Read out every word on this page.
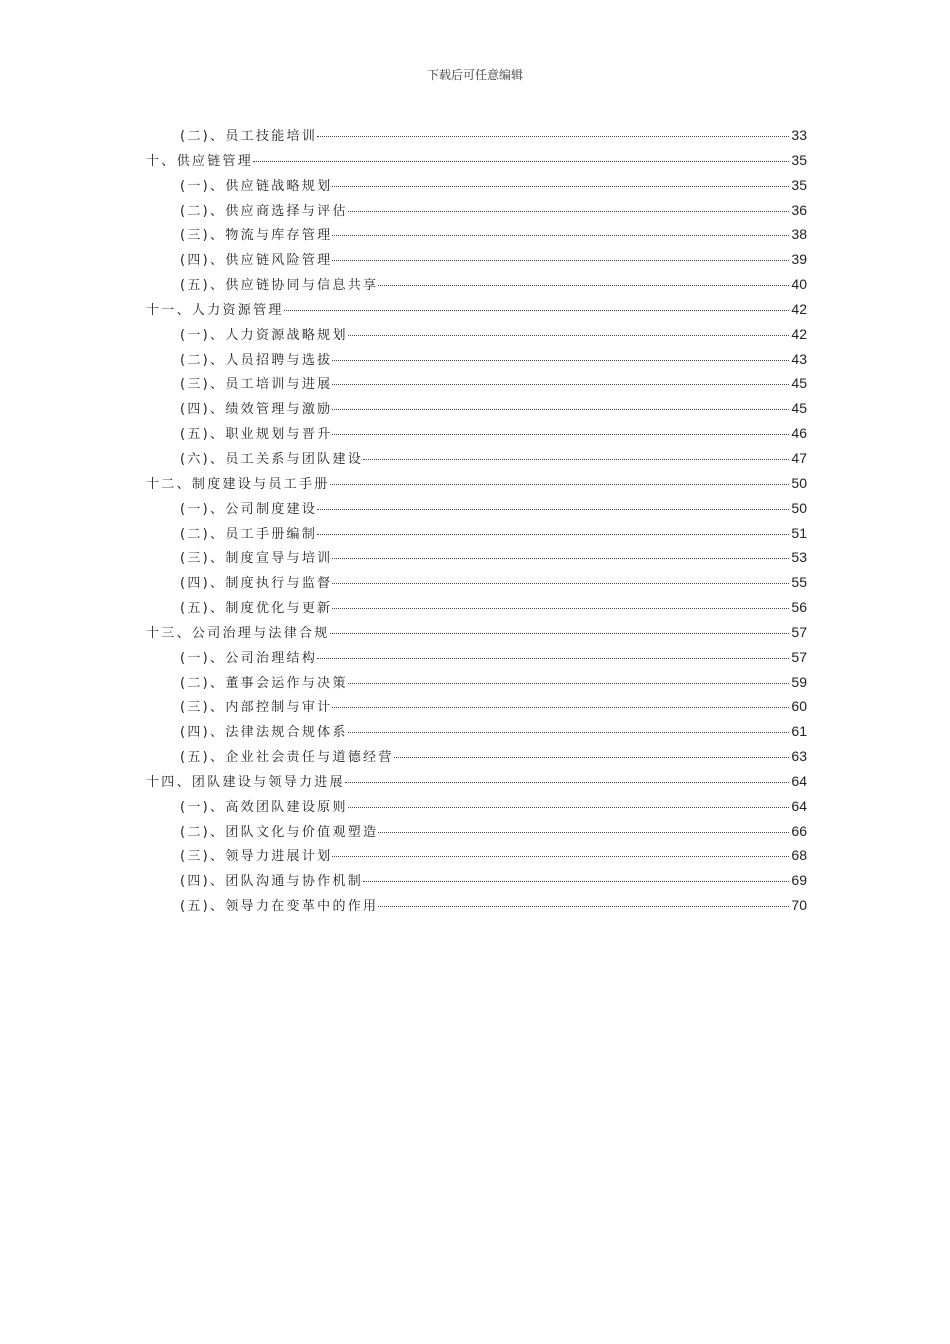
下载后可任意编辑
(二)、员工技能培训	33
十、供应链管理	35
(一)、供应链战略规划	35
(二)、供应商选择与评估	36
(三)、物流与库存管理	38
(四)、供应链风险管理	39
(五)、供应链协同与信息共享	40
十一、人力资源管理	42
(一)、人力资源战略规划	42
(二)、人员招聘与选拔	43
(三)、员工培训与进展	45
(四)、绩效管理与激励	45
(五)、职业规划与晋升	46
(六)、员工关系与团队建设	47
十二、制度建设与员工手册	50
(一)、公司制度建设	50
(二)、员工手册编制	51
(三)、制度宣导与培训	53
(四)、制度执行与监督	55
(五)、制度优化与更新	56
十三、公司治理与法律合规	57
(一)、公司治理结构	57
(二)、董事会运作与决策	59
(三)、内部控制与审计	60
(四)、法律法规合规体系	61
(五)、企业社会责任与道德经营	63
十四、团队建设与领导力进展	64
(一)、高效团队建设原则	64
(二)、团队文化与价值观塑造	66
(三)、领导力进展计划	68
(四)、团队沟通与协作机制	69
(五)、领导力在变革中的作用	70
